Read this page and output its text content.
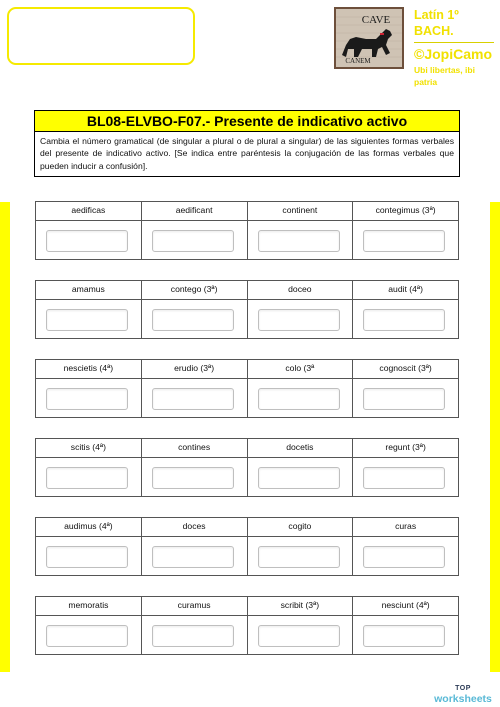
CAVE
CANEM
Latín 1º BACH.
©JopiCamo
Ubi libertas, ibi patria
BL08-ELVBO-F07.- Presente de indicativo activo
Cambia el número gramatical (de singular a plural o de plural a singular) de las siguientes formas verbales del presente de indicativo activo. [Se indica entre paréntesis la conjugación de las formas verbales que pueden inducir a confusión].
aedificas	aedificant	continent	contegimus (3ª)
amamus	contego (3ª)	doceo	audit (4ª)
nescietis (4ª)	erudio (3ª)	colo (3ª	cognoscit (3ª)
scitis (4ª)	contines	docetis	regunt (3ª)
audimus (4ª)	doces	cogito	curas
memoratis	curamus	scribit (3ª)	nesciunt (4ª)
TOP
worksheets
